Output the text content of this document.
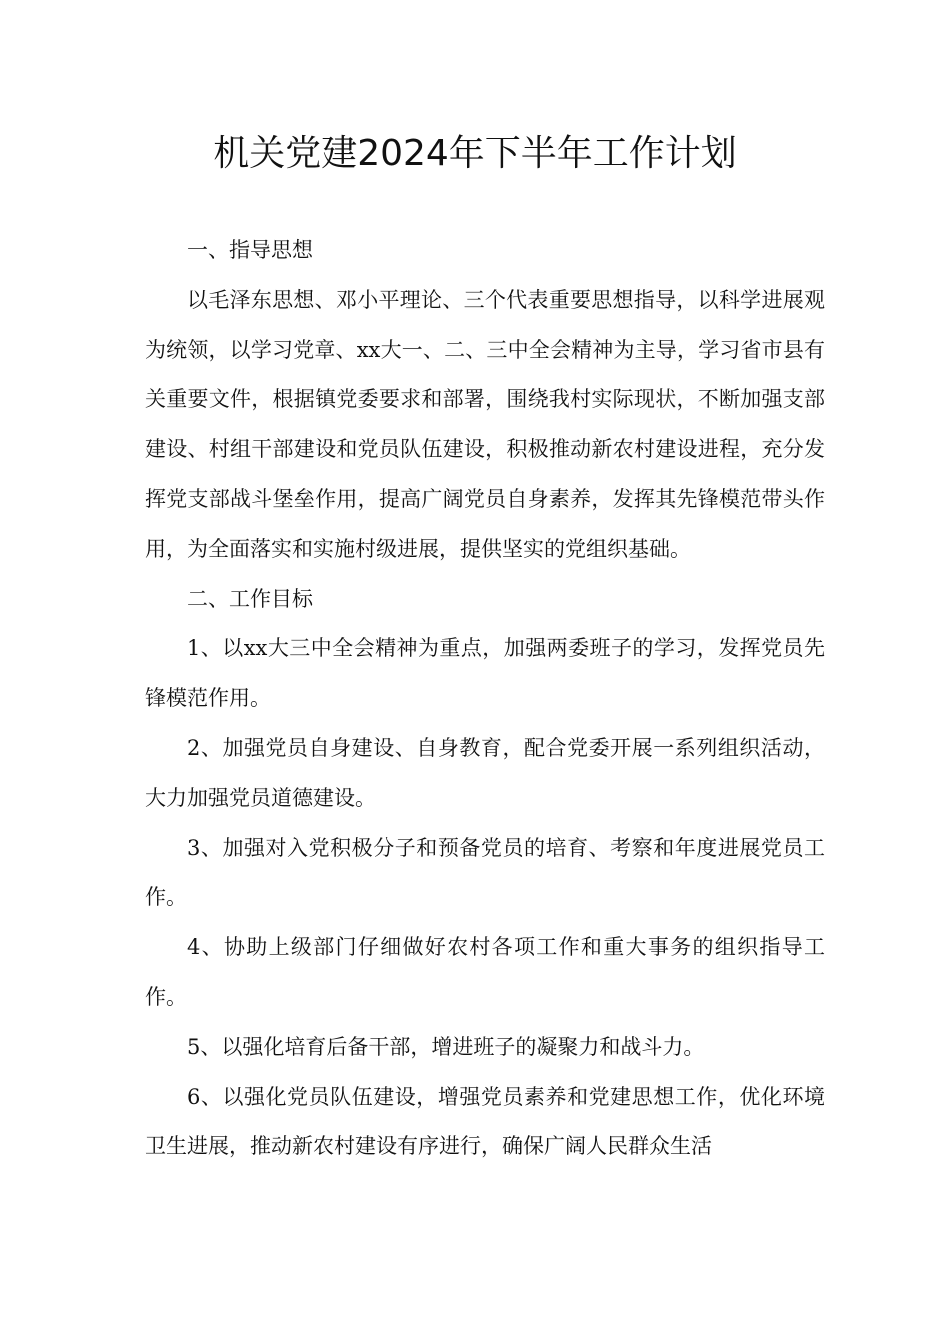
机关党建2024年下半年工作计划

一、指导思想

以毛泽东思想、邓小平理论、三个代表重要思想指导，以科学进展观为统领，以学习党章、xx大一、二、三中全会精神为主导，学习省市县有关重要文件，根据镇党委要求和部署，围绕我村实际现状，不断加强支部建设、村组干部建设和党员队伍建设，积极推动新农村建设进程，充分发挥党支部战斗堡垒作用，提高广阔党员自身素养，发挥其先锋模范带头作用，为全面落实和实施村级进展，提供坚实的党组织基础。

二、工作目标

1、以xx大三中全会精神为重点，加强两委班子的学习，发挥党员先锋模范作用。

2、加强党员自身建设、自身教育，配合党委开展一系列组织活动，大力加强党员道德建设。

3、加强对入党积极分子和预备党员的培育、考察和年度进展党员工作。

4、协助上级部门仔细做好农村各项工作和重大事务的组织指导工作。

5、以强化培育后备干部，增进班子的凝聚力和战斗力。

6、以强化党员队伍建设，增强党员素养和党建思想工作，优化环境卫生进展，推动新农村建设有序进行，确保广阔人民群众生活
